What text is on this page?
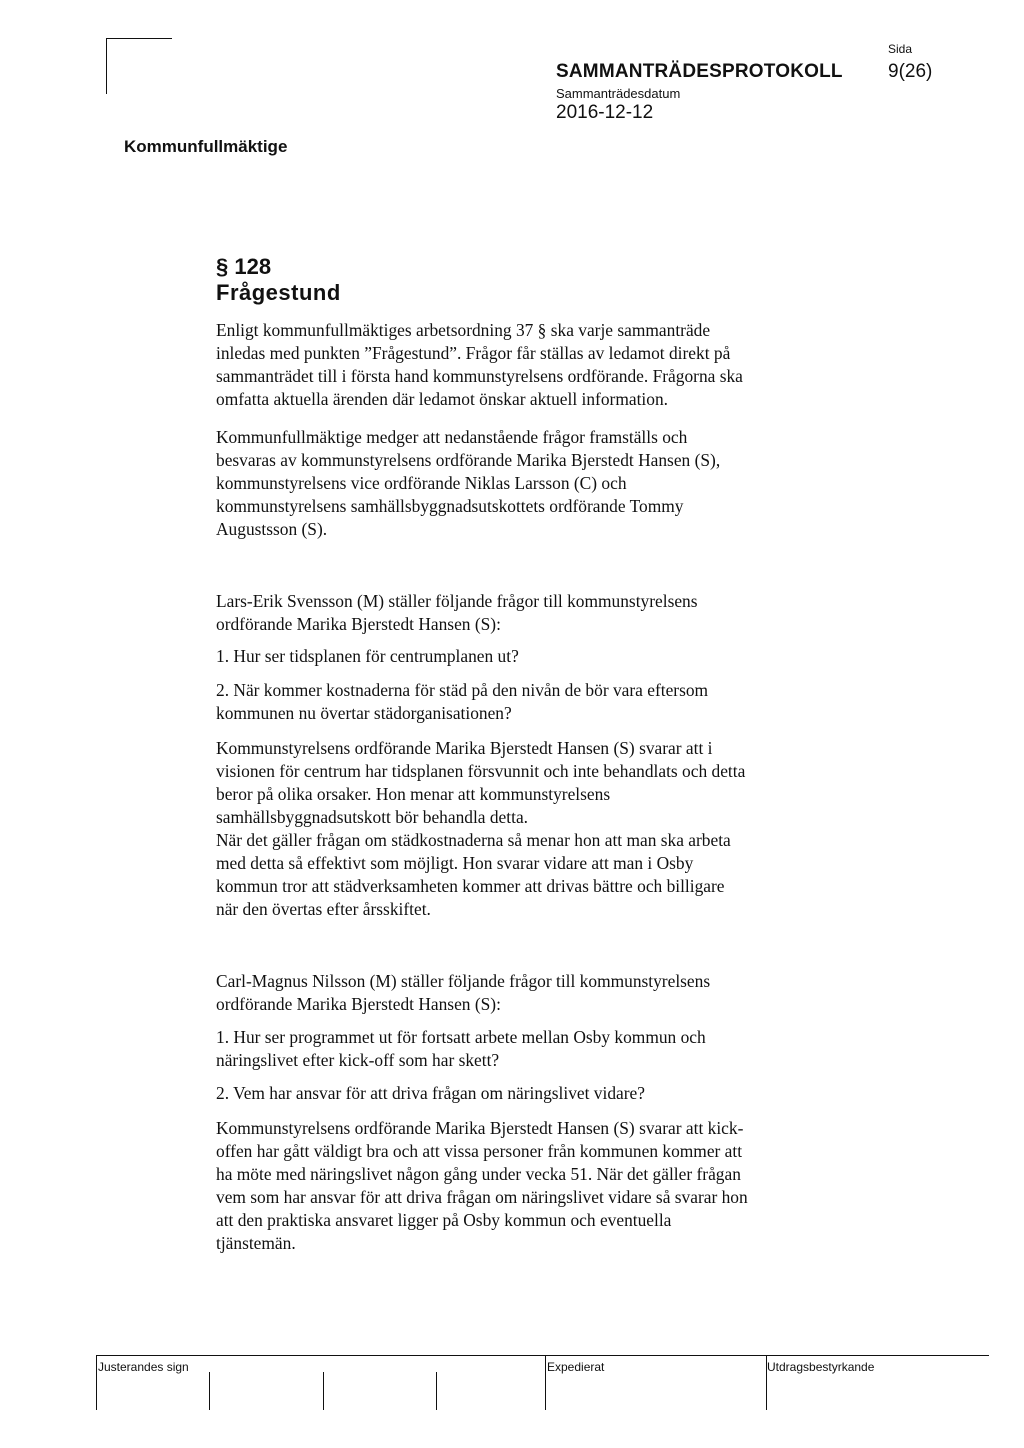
SAMMANTRÄDESPROTOKOLL
Sida
9(26)
Sammanträdesdatum
2016-12-12
Kommunfullmäktige
§ 128
Frågestund

Enligt kommunfullmäktiges arbetsordning 37 § ska varje sammanträde
inledas med punkten ”Frågestund”. Frågor får ställas av ledamot direkt på
sammanträdet till i första hand kommunstyrelsens ordförande. Frågorna ska
omfatta aktuella ärenden där ledamot önskar aktuell information.

Kommunfullmäktige medger att nedanstående frågor framställs och
besvaras av kommunstyrelsens ordförande Marika Bjerstedt Hansen (S),
kommunstyrelsens vice ordförande Niklas Larsson (C) och
kommunstyrelsens samhällsbyggnadsutskottets ordförande Tommy
Augustsson (S).

Lars-Erik Svensson (M) ställer följande frågor till kommunstyrelsens
ordförande Marika Bjerstedt Hansen (S):

1. Hur ser tidsplanen för centrumplanen ut?

2. När kommer kostnaderna för städ på den nivån de bör vara eftersom
kommunen nu övertar städorganisationen?

Kommunstyrelsens ordförande Marika Bjerstedt Hansen (S) svarar att i
visionen för centrum har tidsplanen försvunnit och inte behandlats och detta
beror på olika orsaker. Hon menar att kommunstyrelsens
samhällsbyggnadsutskott bör behandla detta.
När det gäller frågan om städkostnaderna så menar hon att man ska arbeta
med detta så effektivt som möjligt. Hon svarar vidare att man i Osby
kommun tror att städverksamheten kommer att drivas bättre och billigare
när den övertas efter årsskiftet.

Carl-Magnus Nilsson (M) ställer följande frågor till kommunstyrelsens
ordförande Marika Bjerstedt Hansen (S):

1. Hur ser programmet ut för fortsatt arbete mellan Osby kommun och
näringslivet efter kick-off som har skett?

2. Vem har ansvar för att driva frågan om näringslivet vidare?

Kommunstyrelsens ordförande Marika Bjerstedt Hansen (S) svarar att kick-
offen har gått väldigt bra och att vissa personer från kommunen kommer att
ha möte med näringslivet någon gång under vecka 51. När det gäller frågan
vem som har ansvar för att driva frågan om näringslivet vidare så svarar hon
att den praktiska ansvaret ligger på Osby kommun och eventuella
tjänstemän.

Justerandes sign	Expedierat	Utdragsbestyrkande
